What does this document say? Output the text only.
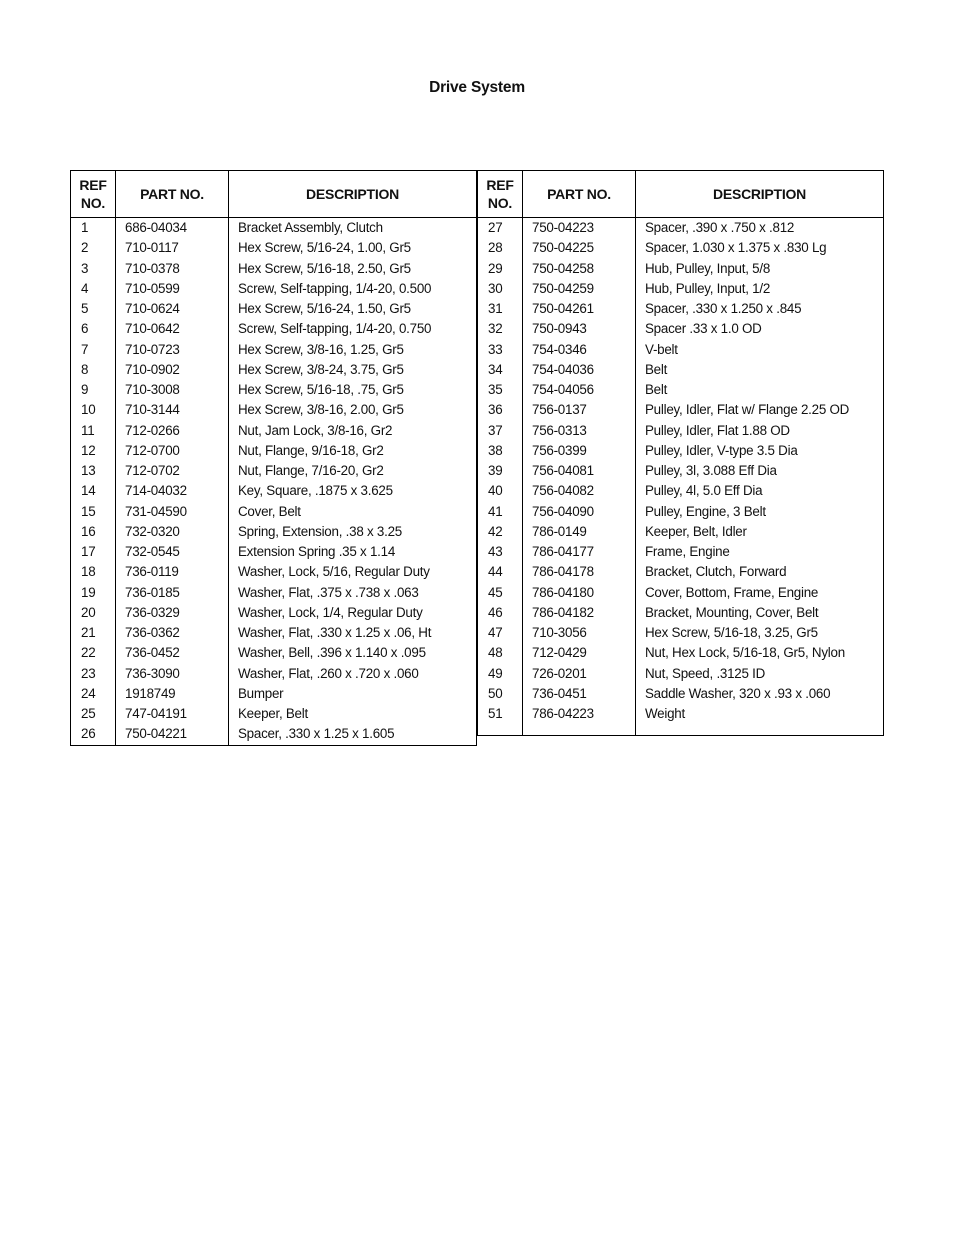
Drive System
REF
NO.	PART NO.	DESCRIPTION
1	686-04034	Bracket Assembly, Clutch
2	710-0117	Hex Screw, 5/16-24, 1.00, Gr5
3	710-0378	Hex Screw, 5/16-18, 2.50, Gr5
4	710-0599	Screw, Self-tapping, 1/4-20, 0.500
5	710-0624	Hex Screw, 5/16-24, 1.50, Gr5
6	710-0642	Screw, Self-tapping, 1/4-20, 0.750
7	710-0723	Hex Screw, 3/8-16, 1.25, Gr5
8	710-0902	Hex Screw, 3/8-24, 3.75, Gr5
9	710-3008	Hex Screw, 5/16-18, .75, Gr5
10	710-3144	Hex Screw, 3/8-16, 2.00, Gr5
11	712-0266	Nut, Jam Lock, 3/8-16, Gr2
12	712-0700	Nut, Flange, 9/16-18, Gr2
13	712-0702	Nut, Flange, 7/16-20, Gr2
14	714-04032	Key, Square, .1875 x 3.625
15	731-04590	Cover, Belt
16	732-0320	Spring, Extension, .38 x 3.25
17	732-0545	Extension Spring .35 x 1.14
18	736-0119	Washer, Lock, 5/16, Regular Duty
19	736-0185	Washer, Flat, .375 x .738 x .063
20	736-0329	Washer, Lock, 1/4, Regular Duty
21	736-0362	Washer, Flat, .330 x 1.25 x .06, Ht
22	736-0452	Washer, Bell, .396 x 1.140 x .095
23	736-3090	Washer, Flat, .260 x .720 x .060
24	1918749	Bumper
25	747-04191	Keeper, Belt
26	750-04221	Spacer, .330 x 1.25 x 1.605
REF
NO.	PART NO.	DESCRIPTION
27	750-04223	Spacer, .390 x .750 x .812
28	750-04225	Spacer, 1.030 x 1.375 x .830 Lg
29	750-04258	Hub, Pulley, Input, 5/8
30	750-04259	Hub, Pulley, Input, 1/2
31	750-04261	Spacer, .330 x 1.250 x .845
32	750-0943	Spacer .33 x 1.0 OD
33	754-0346	V-belt
34	754-04036	Belt
35	754-04056	Belt
36	756-0137	Pulley, Idler, Flat w/ Flange 2.25 OD
37	756-0313	Pulley, Idler, Flat 1.88 OD
38	756-0399	Pulley, Idler, V-type 3.5 Dia
39	756-04081	Pulley, 3l, 3.088 Eff Dia
40	756-04082	Pulley, 4l, 5.0 Eff Dia
41	756-04090	Pulley, Engine, 3 Belt
42	786-0149	Keeper, Belt, Idler
43	786-04177	Frame, Engine
44	786-04178	Bracket, Clutch, Forward
45	786-04180	Cover, Bottom, Frame, Engine
46	786-04182	Bracket, Mounting, Cover, Belt
47	710-3056	Hex Screw, 5/16-18, 3.25, Gr5
48	712-0429	Nut, Hex Lock, 5/16-18, Gr5, Nylon
49	726-0201	Nut, Speed, .3125 ID
50	736-0451	Saddle Washer, 320 x .93 x .060
51	786-04223	Weight
